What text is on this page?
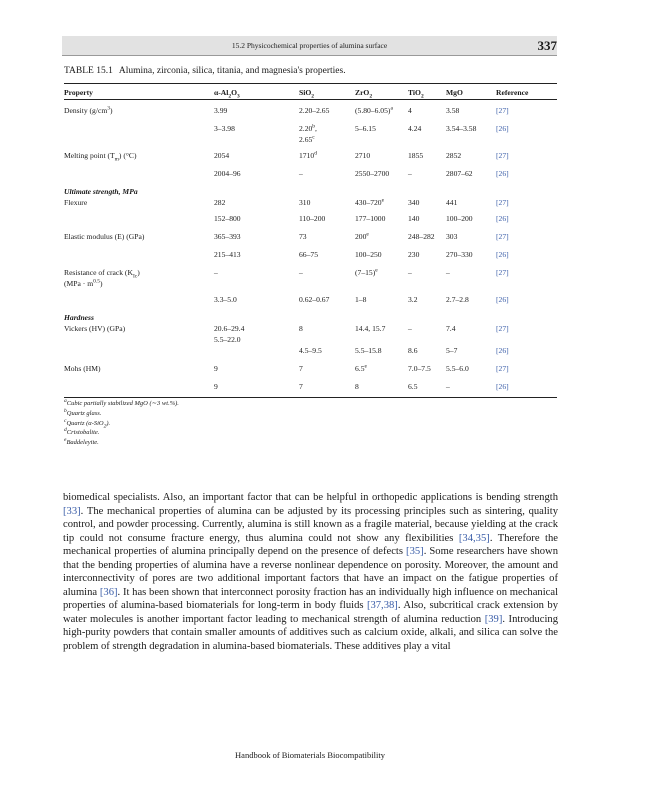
15.2 Physicochemical properties of alumina surface	337
TABLE 15.1 Alumina, zirconia, silica, titania, and magnesia's properties.
Property	$\alpha-Al_2O_3$	SiO$_2$	ZrO$_2$	TiO$_2$	MgO	Reference
Density $(g/cm^3)$	3.99	2.20–2.65	$(5.80-6.05)^a$	4	3.58	[27]
	3–3.98	2.20$^b$,
2.65$^c$	5–6.15	4.24	3.54–3.58	[26]
Melting point $(T_m)$ (°C)	2054	1710$^d$	2710	1855	2852	[27]
	2004–96	–	2550–2700	–	2807–62	[26]
Ultimate strength, MPa
Flexure	282	310	430–720e	340	441	[27]
	152–800	110–200	177–1000	140	100–200	[26]
Elastic modulus (E) (GPa)	365–393	73	200e	248–282	303	[27]
	215–413	66–75	100–250	230	270–330	[26]
Resistance of crack $(K_{Ic})$
$(MPa \cdot m^{0.5})$	–	–	$(7-15)^e$	–	–	[27]
	3.3–5.0	0.62–0.67	1–8	3.2	2.7–2.8	[26]
Hardness
Vickers (HV) (GPa)	20.6–29.4
5.5–22.0	8	14.4, 15.7	–	7.4	[27]
		4.5–9.5	5.5–15.8	8.6	5–7	[26]
Mohs (HM)	9	7	6.5e	7.0–7.5	5.5–6.0	[27]
	9	7	8	6.5	–	[26]
$^a$Cubic partially stabilized MgO (∼3 wt.%).
$^b$Quartz glass.
$^c$Quartz (α-SiO$_2$).
$^d$Cristobalite.
$^e$Baddeleyite.
biomedical specialists. Also, an important factor that can be helpful in orthopedic applications is bending strength [33]. The mechanical properties of alumina can be adjusted by its processing principles such as sintering, quality control, and powder processing. Currently, alumina is still known as a fragile material, because yielding at the crack tip could not consume fracture energy, thus alumina could not show any flexibilities [34,35]. Therefore the mechanical properties of alumina principally depend on the presence of defects [35]. Some researchers have shown that the bending properties of alumina have a reverse nonlinear dependence on porosity. Moreover, the amount and interconnectivity of pores are two additional important factors that have an impact on the fatigue properties of alumina [36]. It has been shown that interconnect porosity fraction has an individually high influence on mechanical properties of alumina-based biomaterials for long-term in body fluids [37,38]. Also, subcritical crack extension by water molecules is another important factor leading to mechanical strength of alumina reduction [39]. Introducing high-purity powders that contain smaller amounts of additives such as calcium oxide, alkali, and silica can solve the problem of strength degradation in alumina-based biomaterials. These additives play a vital
Handbook of Biomaterials Biocompatibility
